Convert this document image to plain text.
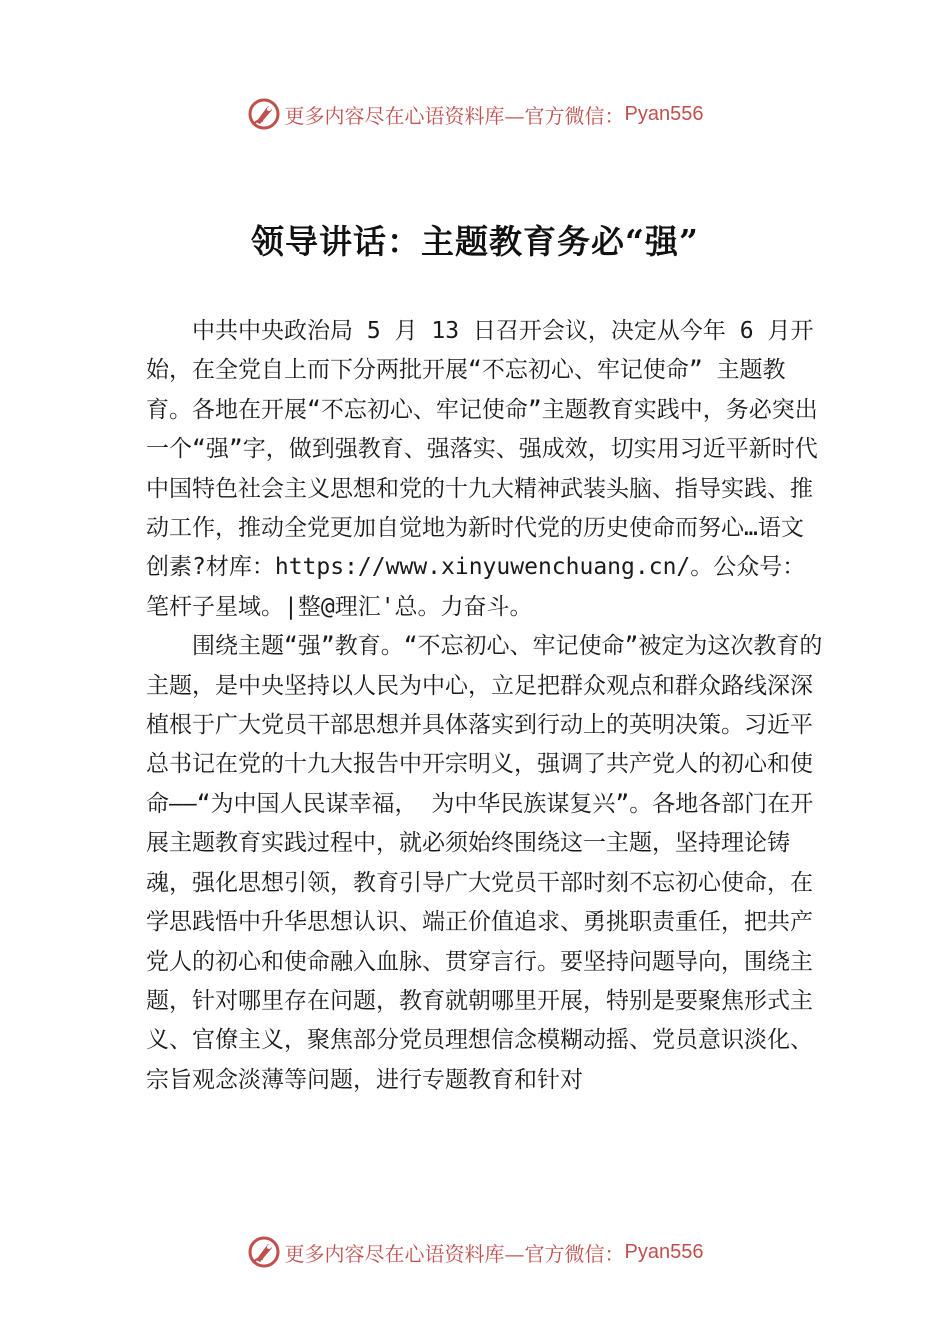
更多内容尽在心语资料库—官方微信： Pyan556
领导讲话：主题教育务必“强”

中共中央政治局 5 月 13 日召开会议，决定从今年 6 月开始，在全党自上而下分两批开展“不忘初心、牢记使命” 主题教育。各地在开展“不忘初心、牢记使命”主题教育实践中，务必突出一个“强”字，做到强教育、强落实、强成效，切实用习近平新时代中国特色社会主义思想和党的十九大精神武装头脑、指导实践、推动工作，推动全党更加自觉地为新时代党的历史使命而努心…语文创素?材库：https://www.xinyuwenchuang.cn/。公众号：笔杆子星域。|整@理汇'总。力奋斗。

围绕主题“强”教育。“不忘初心、牢记使命”被定为这次教育的主题，是中央坚持以人民为中心，立足把群众观点和群众路线深深植根于广大党员干部思想并具体落实到行动上的英明决策。习近平总书记在党的十九大报告中开宗明义，强调了共产党人的初心和使命——“为中国人民谋幸福， 为中华民族谋复兴”。各地各部门在开展主题教育实践过程中，就必须始终围绕这一主题，坚持理论铸魂，强化思想引领，教育引导广大党员干部时刻不忘初心使命，在学思践悟中升华思想认识、端正价值追求、勇挑职责重任，把共产党人的初心和使命融入血脉、贯穿言行。要坚持问题导向，围绕主题，针对哪里存在问题，教育就朝哪里开展，特别是要聚焦形式主义、官僚主义，聚焦部分党员理想信念模糊动摇、党员意识淡化、宗旨观念淡薄等问题，进行专题教育和针对

更多内容尽在心语资料库—官方微信： Pyan556
